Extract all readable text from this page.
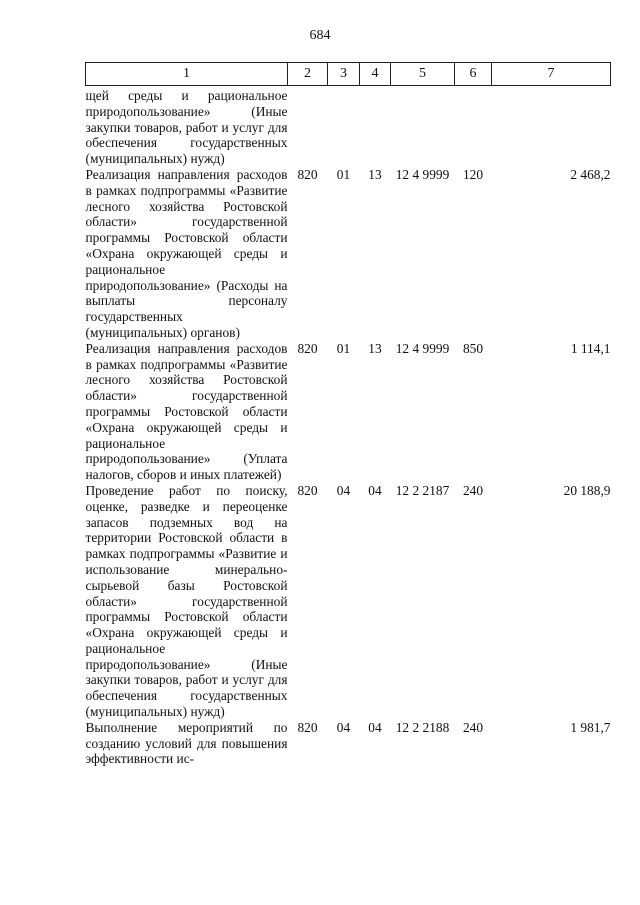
684
1	2	3	4	5	6	7
щей среды и рациональное природопользование» (Иные закупки товаров, работ и услуг для обеспечения государственных (муниципальных) нужд)						
Реализация направления расходов в рамках подпрограммы «Развитие лесного хозяйства Ростовской области» государственной программы Ростовской области «Охрана окружающей среды и рациональное природопользование» (Расходы на выплаты персоналу государственных (муниципальных) органов)	820	01	13	12 4 9999	120	2 468,2
Реализация направления расходов в рамках подпрограммы «Развитие лесного хозяйства Ростовской области» государственной программы Ростовской области «Охрана окружающей среды и рациональное природопользование» (Уплата налогов, сборов и иных платежей)	820	01	13	12 4 9999	850	1 114,1
Проведение работ по поиску, оценке, разведке и переоценке запасов подземных вод на территории Ростовской области в рамках подпрограммы «Развитие и использование минерально-сырьевой базы Ростовской области» государственной программы Ростовской области «Охрана окружающей среды и рациональное природопользование» (Иные закупки товаров, работ и услуг для обеспечения государственных (муниципальных) нужд)	820	04	04	12 2 2187	240	20 188,9
Выполнение мероприятий по созданию условий для повышения эффективности ис-	820	04	04	12 2 2188	240	1 981,7
